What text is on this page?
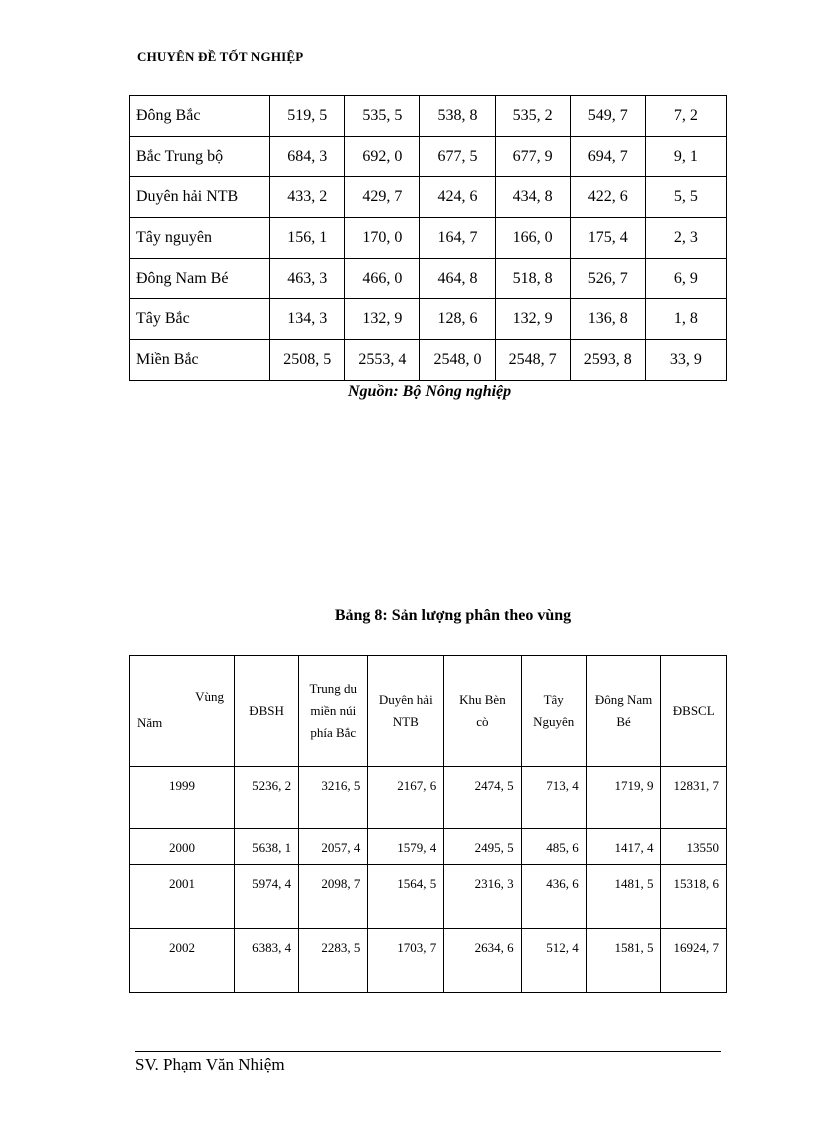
CHUYÊN ĐỀ TỐT NGHIỆP
Đông Bắc	519, 5	535, 5	538, 8	535, 2	549, 7	7, 2
Bắc Trung bộ	684, 3	692, 0	677, 5	677, 9	694, 7	9, 1
Duyên hải NTB	433, 2	429, 7	424, 6	434, 8	422, 6	5, 5
Tây nguyên	156, 1	170, 0	164, 7	166, 0	175, 4	2, 3
Đông Nam Bé	463, 3	466, 0	464, 8	518, 8	526, 7	6, 9
Tây Bắc	134, 3	132, 9	128, 6	132, 9	136, 8	1, 8
Miền Bắc	2508, 5	2553, 4	2548, 0	2548, 7	2593, 8	33, 9
Nguồn: Bộ Nông nghiệp
Bảng 8: Sản lượng phân theo vùng
Vùng
Năm	ĐBSH	Trung du miền núi phía Bắc	Duyên hải NTB	Khu Bèn cò	Tây Nguyên	Đông Nam Bé	ĐBSCL
1999	5236, 2	3216, 5	2167, 6	2474, 5	713, 4	1719, 9	12831, 7
2000	5638, 1	2057, 4	1579, 4	2495, 5	485, 6	1417, 4	13550
2001	5974, 4	2098, 7	1564, 5	2316, 3	436, 6	1481, 5	15318, 6
2002	6383, 4	2283, 5	1703, 7	2634, 6	512, 4	1581, 5	16924, 7
SV. Phạm Văn Nhiệm
